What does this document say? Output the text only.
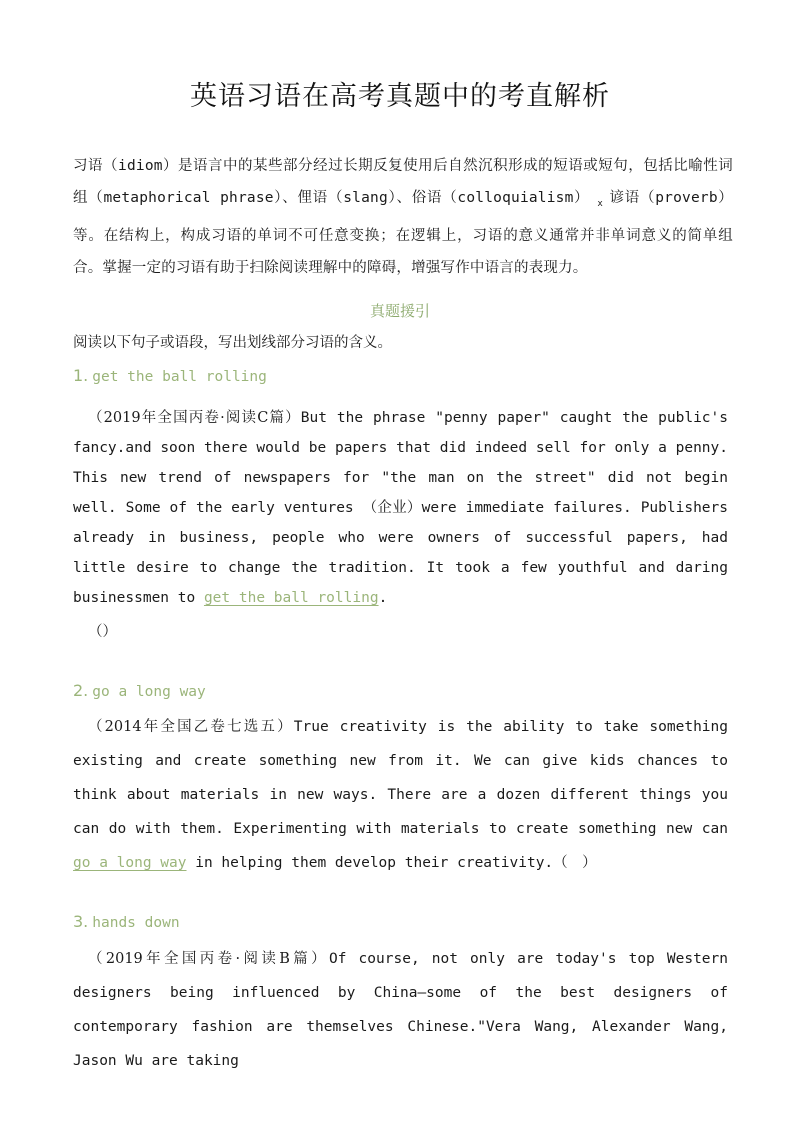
英语习语在高考真题中的考直解析
习语（idiom）是语言中的某些部分经过长期反复使用后自然沉积形成的短语或短句，包括比喻性词组（metaphorical phrase）、俚语（slang）、俗语（colloquialism） $_x$ 谚语（proverb）等。在结构上，构成习语的单词不可任意变换；在逻辑上，习语的意义通常并非单词意义的简单组合。掌握一定的习语有助于扫除阅读理解中的障碍，增强写作中语言的表现力。
真题援引
阅读以下句子或语段，写出划线部分习语的含义。
1. get the ball rolling
（2019年全国丙卷·阅读C篇）But the phrase "penny paper" caught the public's fancy.and soon there would be papers that did indeed sell for only a penny. This new trend of newspapers for "the man on the street" did not begin well. Some of the early ventures （企业）were immediate failures. Publishers already in business, people who were owners of successful papers, had little desire to change the tradition. It took a few youthful and daring businessmen to get the ball rolling.
（）
2. go a long way
（2014年全国乙卷七选五）True creativity is the ability to take something existing and create something new from it. We can give kids chances to think about materials in new ways. There are a dozen different things you can do with them. Experimenting with materials to create something new can go a long way in helping them develop their creativity.（　）
3. hands down
（2019年全国丙卷·阅读B篇）Of course, not only are today's top Western designers being influenced by China—some of the best designers of contemporary fashion are themselves Chinese."Vera Wang, Alexander Wang, Jason Wu are taking
